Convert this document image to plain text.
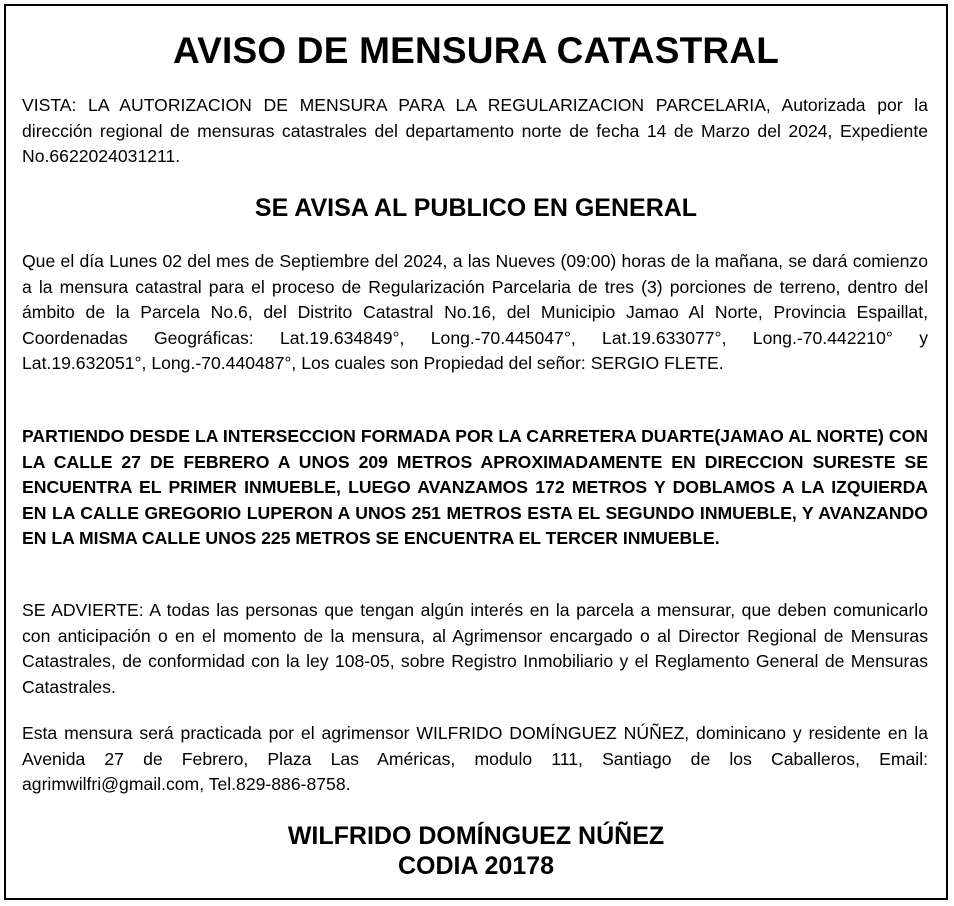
AVISO DE MENSURA CATASTRAL

VISTA: LA AUTORIZACION DE MENSURA PARA LA REGULARIZACION PARCELARIA, Autorizada por la dirección regional de mensuras catastrales del departamento norte de fecha 14 de Marzo del 2024, Expediente No.6622024031211.

SE AVISA AL PUBLICO EN GENERAL

Que el día Lunes 02 del mes de Septiembre del 2024, a las Nueves (09:00) horas de la mañana, se dará comienzo a la mensura catastral para el proceso de Regularización Parcelaria de tres (3) porciones de terreno, dentro del ámbito de la Parcela No.6, del Distrito Catastral No.16, del Municipio Jamao Al Norte, Provincia Espaillat, Coordenadas Geográficas: Lat.19.634849°, Long.-70.445047°, Lat.19.633077°, Long.-70.442210° y Lat.19.632051°, Long.-70.440487°, Los cuales son Propiedad del señor: SERGIO FLETE.

PARTIENDO DESDE LA INTERSECCION FORMADA POR LA CARRETERA DUARTE(JAMAO AL NORTE) CON LA CALLE 27 DE FEBRERO A UNOS 209 METROS APROXIMADAMENTE EN DIRECCION SURESTE SE ENCUENTRA EL PRIMER INMUEBLE, LUEGO AVANZAMOS 172 METROS Y DOBLAMOS A LA IZQUIERDA EN LA CALLE GREGORIO LUPERON A UNOS 251 METROS ESTA EL SEGUNDO INMUEBLE, Y AVANZANDO EN LA MISMA CALLE UNOS 225 METROS SE ENCUENTRA EL TERCER INMUEBLE.

SE ADVIERTE: A todas las personas que tengan algún interés en la parcela a mensurar, que deben comunicarlo con anticipación o en el momento de la mensura, al Agrimensor encargado o al Director Regional de Mensuras Catastrales, de conformidad con la ley 108-05, sobre Registro Inmobiliario y el Reglamento General de Mensuras Catastrales.

Esta mensura será practicada por el agrimensor WILFRIDO DOMÍNGUEZ NÚÑEZ, dominicano y residente en la Avenida 27 de Febrero, Plaza Las Américas, modulo 111, Santiago de los Caballeros, Email: agrimwilfri@gmail.com, Tel.829-886-8758.

WILFRIDO DOMÍNGUEZ NÚÑEZ
CODIA 20178
